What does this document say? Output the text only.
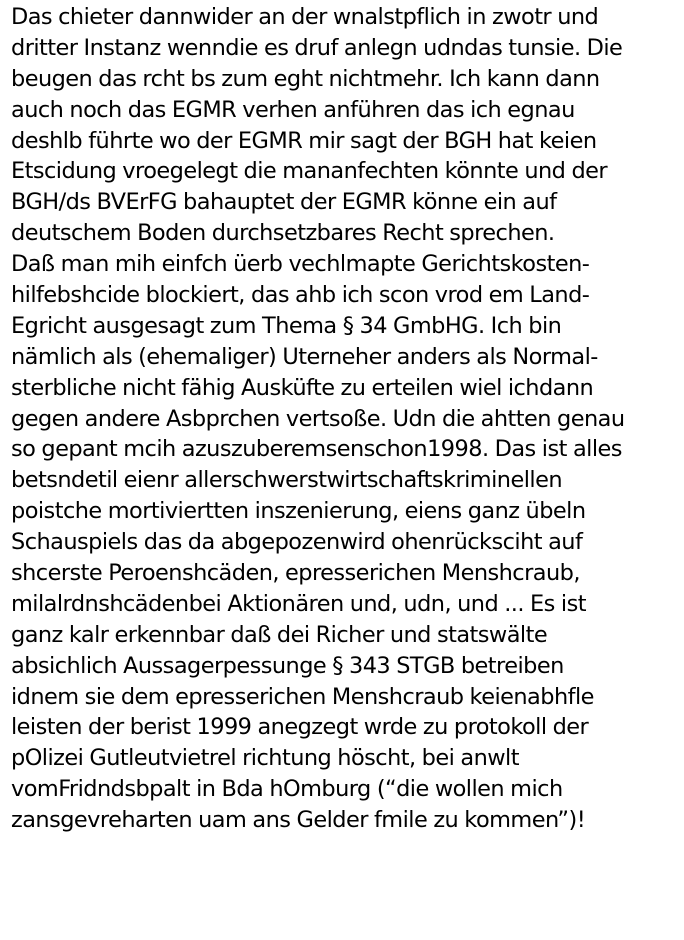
Das chieter dannwider an der wnalstpflich in zwotr und
dritter Instanz wenndie es druf anlegn udndas tunsie. Die
beugen das rcht bs zum eght nichtmehr. Ich kann dann
auch noch das EGMR verhen anführen das ich egnau
deshlb führte wo der EGMR mir sagt der BGH hat keien
Etscidung vroegelegt die mananfechten könnte und der
BGH/ds BVErFG bahauptet der EGMR könne ein auf
deutschem Boden durchsetzbares Recht sprechen.
Daß man mih einfch üerb vechlmapte Gerichtskosten-
hilfebshcide blockiert, das ahb ich scon vrod em Land-
Egricht ausgesagt zum Thema § 34 GmbHG. Ich bin
nämlich als (ehemaliger) Uterneher anders als Normal-
sterbliche nicht fähig Ausküfte zu erteilen wiel ichdann
gegen andere Asbprchen vertsoße. Udn die ahtten genau
so gepant mcih azuszuberemsenschon1998. Das ist alles
betsndetil eienr allerschwerstwirtschaftskriminellen
poistche mortiviertten inszenierung, eiens ganz übeln
Schauspiels das da abgepozenwird ohenrücksciht auf
shcerste Peroenshcäden, epresserichen Menshcraub,
milalrdnshcädenbei Aktionären und, udn, und ... Es ist
ganz kalr erkennbar daß dei Richer und statswälte
absichlich Aussagerpessunge § 343 STGB betreiben
idnem sie dem epresserichen Menshcraub keienabhfle
leisten der berist 1999 anegzegt wrde zu protokoll der
pOlizei Gutleutvietrel richtung höscht, bei anwlt
vomFridndsbpalt in Bda hOmburg (“die wollen mich
zansgevreharten uam ans Gelder fmile zu kommen”)!
